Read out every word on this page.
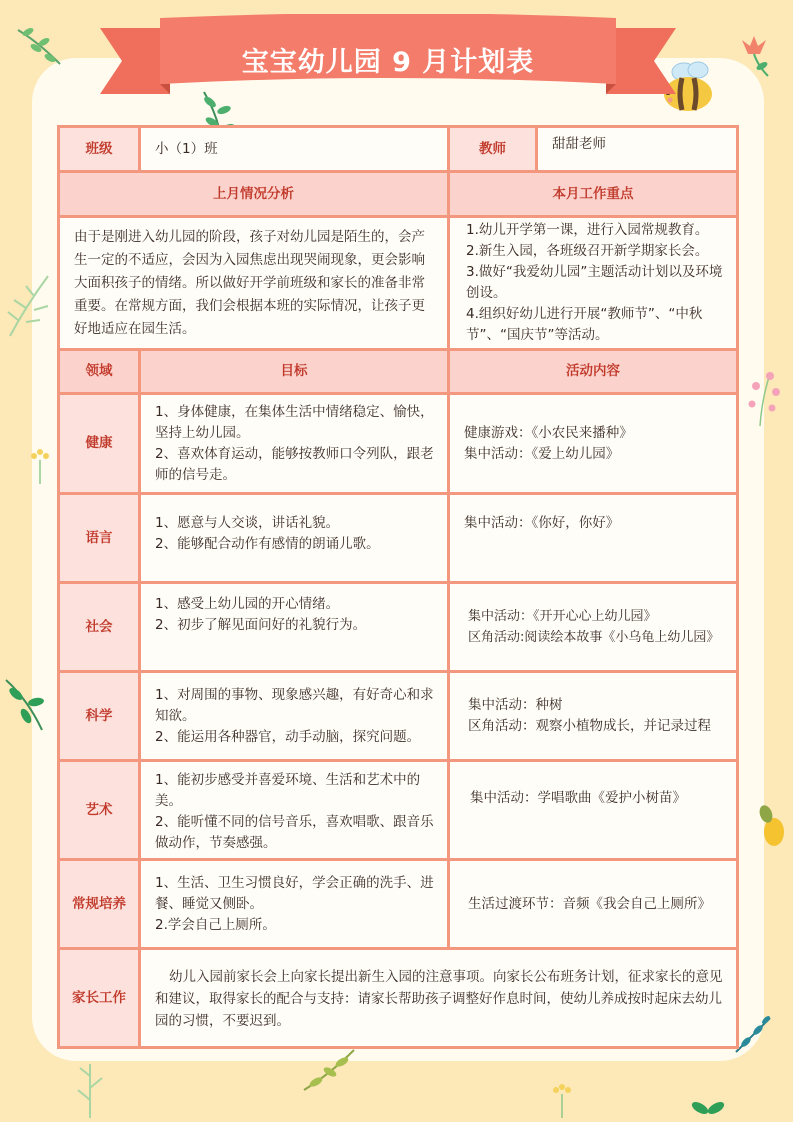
宝宝幼儿园 9 月计划表
班级	小（1）班	教师	甜甜老师
上月情况分析		本月工作重点	
由于是刚进入幼儿园的阶段，孩子对幼儿园是陌生的，会产生一定的不适应，会因为入园焦虑出现哭闹现象，更会影响大面积孩子的情绪。所以做好开学前班级和家长的准备非常重要。在常规方面，我们会根据本班的实际情况，让孩子更好地适应在园生活。		1.幼儿开学第一课，进行入园常规教育。
2.新生入园，各班级召开新学期家长会。
3.做好“我爱幼儿园”主题活动计划以及环境创设。
4.组织好幼儿进行开展“教师节”、“中秋节”、“国庆节”等活动。	

领域	目标	活动内容	
健康	1、身体健康，在集体生活中情绪稳定、愉快，坚持上幼儿园。
2、喜欢体育运动，能够按教师口令列队，跟老师的信号走。	健康游戏：《小农民来播种》
集中活动：《爱上幼儿园》	

语言	1、愿意与人交谈，讲话礼貌。
2、能够配合动作有感情的朗诵儿歌。	集中活动：《你好，你好》	

社会	1、感受上幼儿园的开心情绪。
2、初步了解见面问好的礼貌行为。	集中活动：《开开心心上幼儿园》
区角活动:阅读绘本故事《小乌龟上幼儿园》	

科学	1、对周围的事物、现象感兴趣，有好奇心和求知欲。
2、能运用各种器官，动手动脑，探究问题。	集中活动：种树
区角活动：观察小植物成长，并记录过程	

艺术	1、能初步感受并喜爱环境、生活和艺术中的美。
2、能听懂不同的信号音乐，喜欢唱歌、跟音乐做动作，节奏感强。	集中活动：学唱歌曲《爱护小树苗》	

常规培养	1、生活、卫生习惯良好，学会正确的洗手、进餐、睡觉又侧卧。
2.学会自己上厕所。	生活过渡环节：音频《我会自己上厕所》	

家长工作	幼儿入园前家长会上向家长提出新生入园的注意事项。向家长公布班务计划，征求家长的意见和建议，取得家长的配合与支持：请家长帮助孩子调整好作息时间，使幼儿养成按时起床去幼儿园的习惯，不要迟到。		
